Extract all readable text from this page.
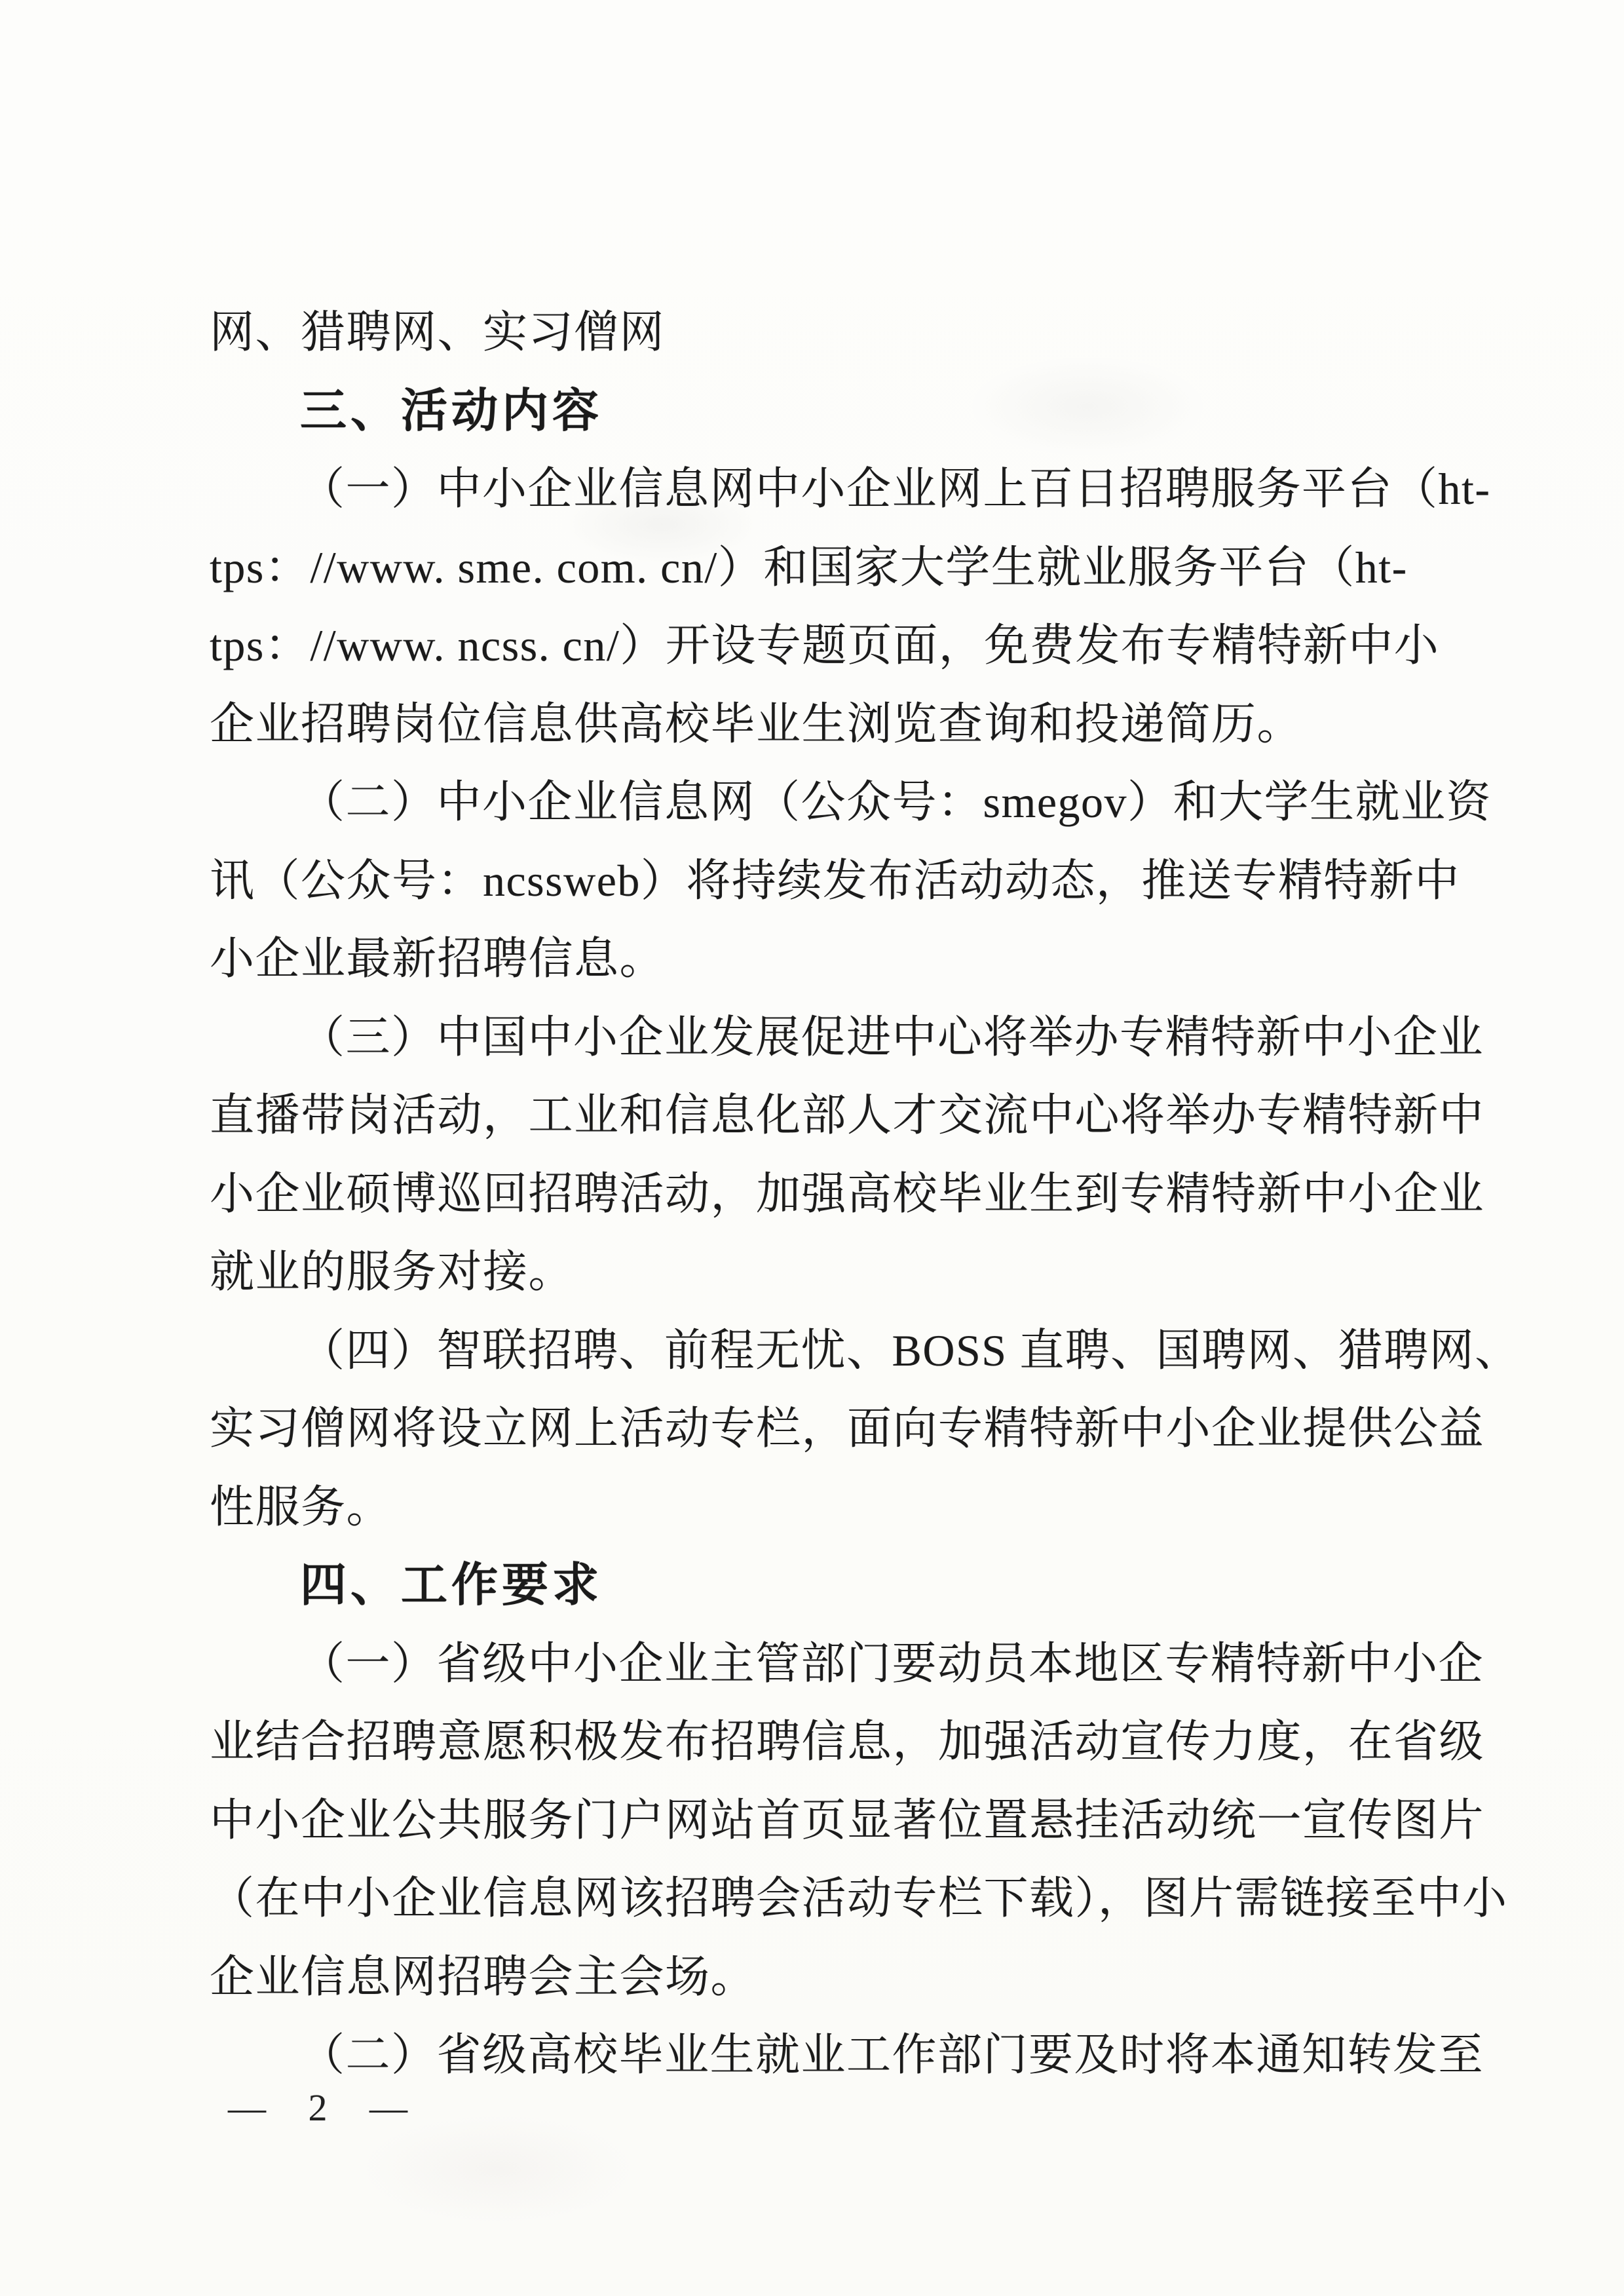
网、猎聘网、实习僧网
三、活动内容
（一）中小企业信息网中小企业网上百日招聘服务平台（ht-
tps：//www. sme. com. cn/）和国家大学生就业服务平台（ht-
tps：//www. ncss. cn/）开设专题页面，免费发布专精特新中小
企业招聘岗位信息供高校毕业生浏览查询和投递简历。
（二）中小企业信息网（公众号：smegov）和大学生就业资
讯（公众号：ncssweb）将持续发布活动动态，推送专精特新中
小企业最新招聘信息。
（三）中国中小企业发展促进中心将举办专精特新中小企业
直播带岗活动，工业和信息化部人才交流中心将举办专精特新中
小企业硕博巡回招聘活动，加强高校毕业生到专精特新中小企业
就业的服务对接。
（四）智联招聘、前程无忧、BOSS 直聘、国聘网、猎聘网、
实习僧网将设立网上活动专栏，面向专精特新中小企业提供公益
性服务。
四、工作要求
（一）省级中小企业主管部门要动员本地区专精特新中小企
业结合招聘意愿积极发布招聘信息，加强活动宣传力度，在省级
中小企业公共服务门户网站首页显著位置悬挂活动统一宣传图片
（在中小企业信息网该招聘会活动专栏下载），图片需链接至中小
企业信息网招聘会主会场。
（二）省级高校毕业生就业工作部门要及时将本通知转发至
— 2 —
